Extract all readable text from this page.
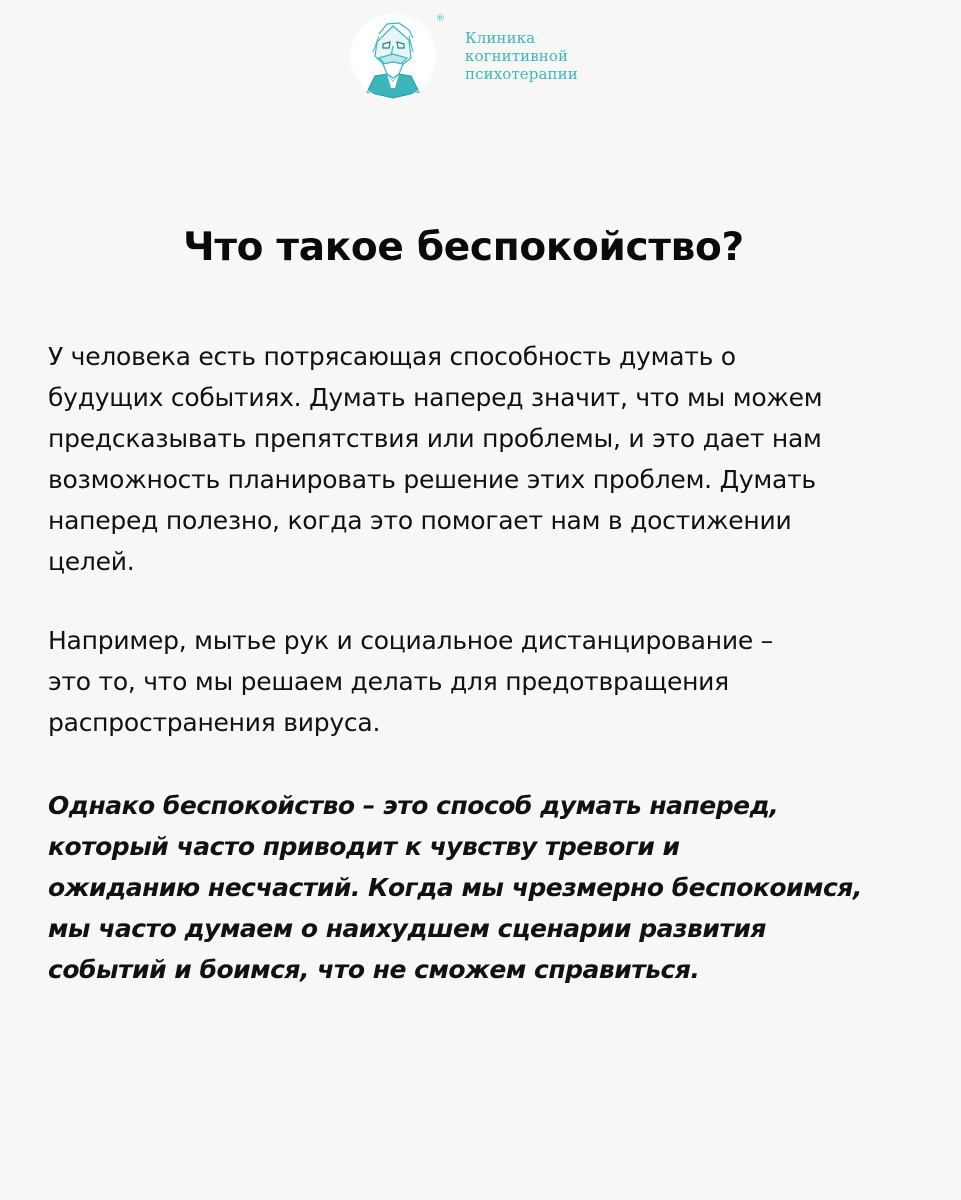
®
Клиника
когнитивной
психотерапии
Что такое беспокойство?

У человека есть потрясающая способность думать о
будущих событиях. Думать наперед значит, что мы можем
предсказывать препятствия или проблемы, и это дает нам
возможность планировать решение этих проблем. Думать
наперед полезно, когда это помогает нам в достижении
целей.

Например, мытье рук и социальное дистанцирование –
это то, что мы решаем делать для предотвращения
распространения вируса.

Однако беспокойство – это способ думать наперед,
который часто приводит к чувству тревоги и
ожиданию несчастий. Когда мы чрезмерно беспокоимся,
мы часто думаем о наихудшем сценарии развития
событий и боимся, что не сможем справиться.
